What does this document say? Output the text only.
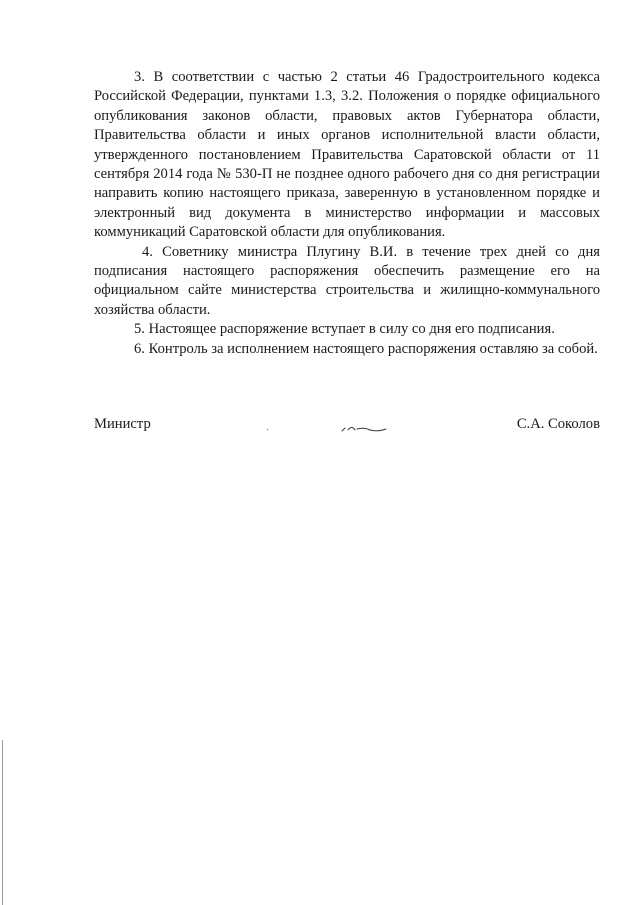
3. В соответствии с частью 2 статьи 46 Градостроительного кодекса Российской Федерации, пунктами 1.3, 3.2. Положения о порядке официального опубликования законов области, правовых актов Губернатора области, Правительства области и иных органов исполнительной власти области, утвержденного постановлением Правительства Саратовской области от 11 сентября 2014 года № 530-П не позднее одного рабочего дня со дня регистрации направить копию настоящего приказа, заверенную в установленном порядке и электронный вид документа в министерство информации и массовых коммуникаций Саратовской области для опубликования.

4. Советнику министра Плугину В.И. в течение трех дней со дня подписания настоящего распоряжения обеспечить размещение его на официальном сайте министерства строительства и жилищно-коммунального хозяйства области.

5. Настоящее распоряжение вступает в силу со дня его подписания.

6. Контроль за исполнением настоящего распоряжения оставляю за собой.

Министр	С.А. Соколов
